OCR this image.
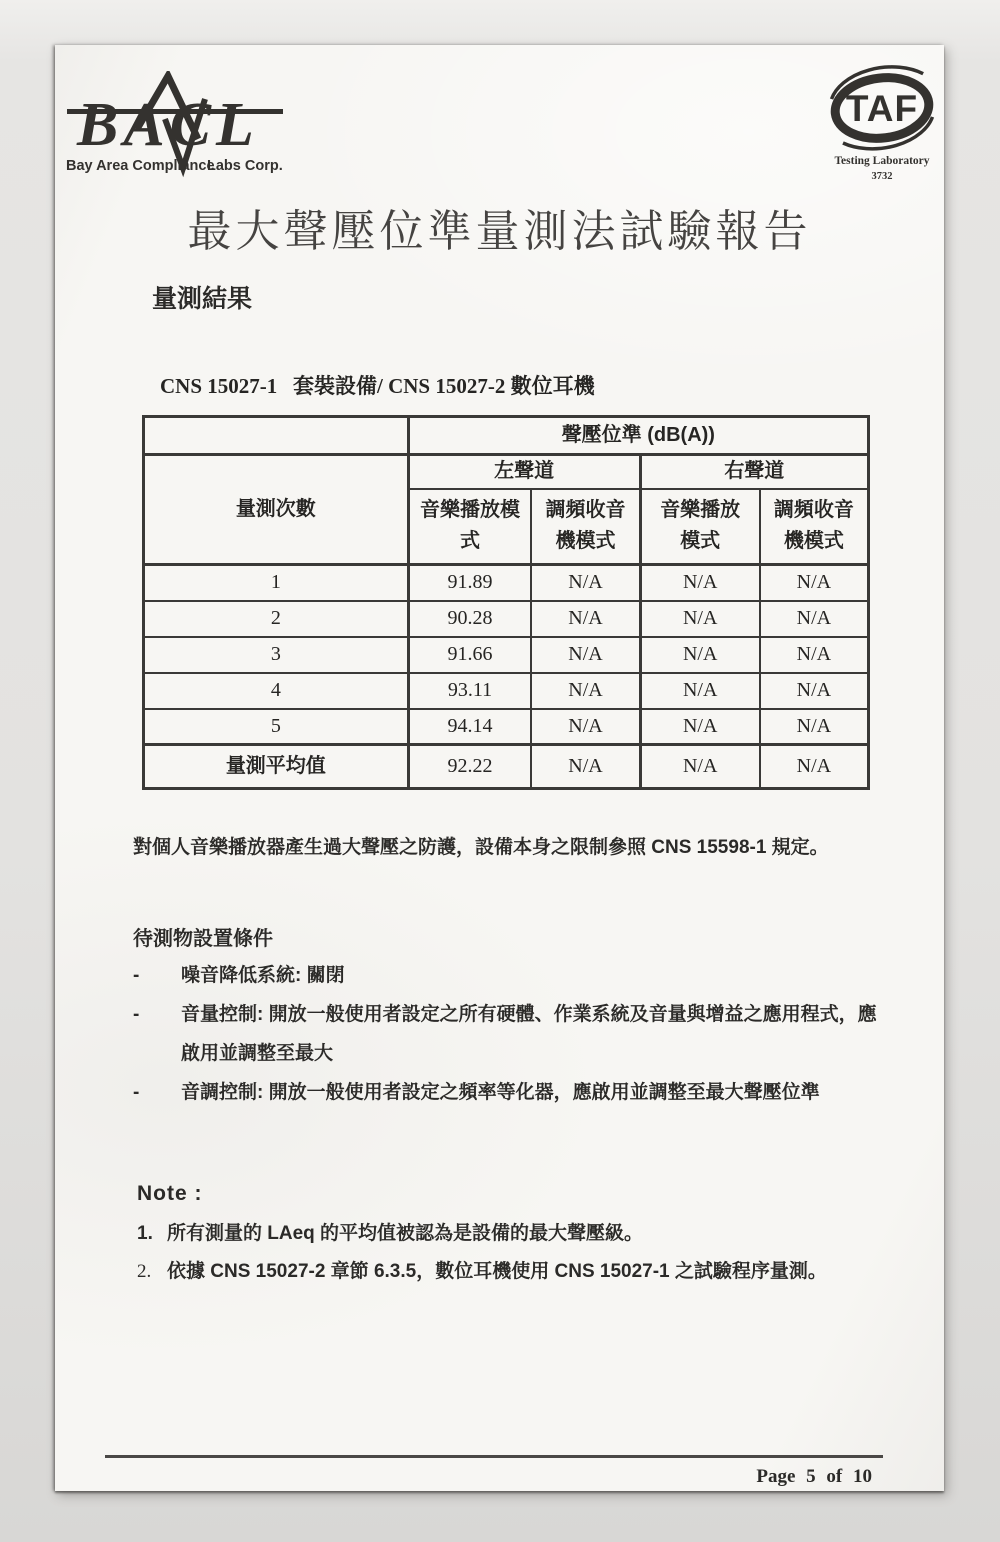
BACL
Bay Area Compliance
Labs Corp.
TAF
Testing Laboratory
3732
最大聲壓位準量測法試驗報告
量測結果
CNS 15027-1   套裝設備/ CNS 15027-2 數位耳機
	聲壓位準 (dB(A))			
量測次數	左聲道		右聲道	
	音樂播放模式	調頻收音機模式	音樂播放模式	調頻收音機模式
1	91.89	N/A	N/A	N/A
2	90.28	N/A	N/A	N/A
3	91.66	N/A	N/A	N/A
4	93.11	N/A	N/A	N/A
5	94.14	N/A	N/A	N/A
量測平均值	92.22	N/A	N/A	N/A
對個人音樂播放器產生過大聲壓之防護，設備本身之限制參照 CNS 15598-1 規定。
待測物設置條件
-	噪音降低系統: 關閉
-	音量控制: 開放一般使用者設定之所有硬體、作業系統及音量與增益之應用程式，應啟用並調整至最大
-	音調控制: 開放一般使用者設定之頻率等化器，應啟用並調整至最大聲壓位準
Note :
1. 所有測量的 LAeq 的平均值被認為是設備的最大聲壓級。
2. 依據 CNS 15027-2 章節 6.3.5，數位耳機使用 CNS 15027-1 之試驗程序量測。
Page 5 of 10
